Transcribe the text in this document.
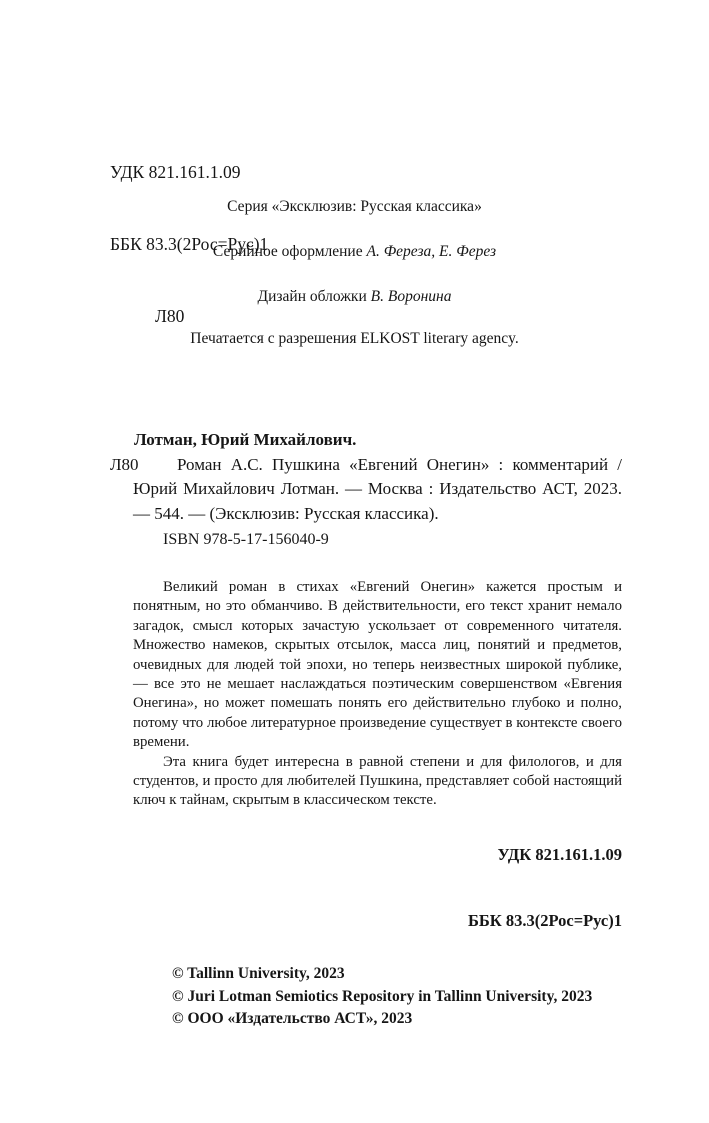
УДК 821.161.1.09

ББК 83.3(2Рос=Рус)1

Л80

Серия «Эксклюзив: Русская классика»
Серийное оформление А. Фереза, Е. Ферез
Дизайн обложки В. Воронина
Печатается с разрешения ELKOST literary agency.
Лотман, Юрий Михайлович.
Л80 Роман А.С. Пушкина «Евгений Онегин» : комментарий / Юрий Михайлович Лотман. — Москва : Издательство АСТ, 2023. — 544. — (Эксклюзив: Русская классика).
ISBN 978-5-17-156040-9

Великий роман в стихах «Евгений Онегин» кажется простым и понятным, но это обманчиво. В действительности, его текст хранит немало загадок, смысл которых зачастую ускользает от современного читателя. Множество намеков, скрытых отсылок, масса лиц, понятий и предметов, очевидных для людей той эпохи, но теперь неизвестных широкой публике, — все это не мешает наслаждаться поэтическим совершенством «Евгения Онегина», но может помешать понять его действительно глубоко и полно, потому что любое литературное произведение существует в контексте своего времени.

Эта книга будет интересна в равной степени и для филологов, и для студентов, и просто для любителей Пушкина, представляет собой настоящий ключ к тайнам, скрытым в классическом тексте.

УДК 821.161.1.09

ББК 83.3(2Рос=Рус)1

© Tallinn University, 2023
© Juri Lotman Semiotics Repository in Tallinn University, 2023
© ООО «Издательство АСТ», 2023
